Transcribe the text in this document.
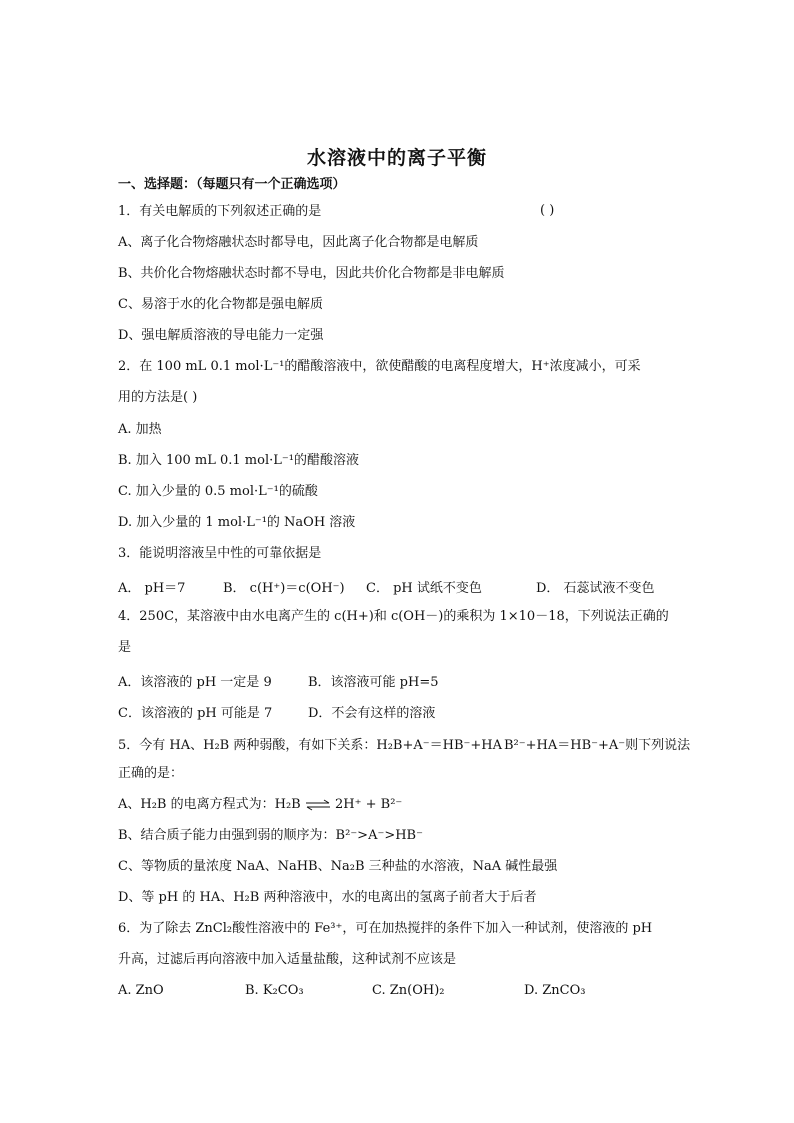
水溶液中的离子平衡
一、选择题：（每题只有一个正确选项）
1．有关电解质的下列叙述正确的是	( )
A、离子化合物熔融状态时都导电，因此离子化合物都是电解质
B、共价化合物熔融状态时都不导电，因此共价化合物都是非电解质
C、易溶于水的化合物都是强电解质
D、强电解质溶液的导电能力一定强
2．在 100 mL 0.1 mol·L⁻¹的醋酸溶液中，欲使醋酸的电离程度增大，H⁺浓度减小，可采
用的方法是( )
A. 加热
B. 加入 100 mL 0.1 mol·L⁻¹的醋酸溶液
C. 加入少量的 0.5 mol·L⁻¹的硫酸
D. 加入少量的 1 mol·L⁻¹的 NaOH 溶液
3．能说明溶液呈中性的可靠依据是
A． pH＝7	B． c(H⁺)＝c(OH⁻) C． pH 试纸不变色	D． 石蕊试液不变色
4．250C，某溶液中由水电离产生的 c(H+)和 c(OH－)的乘积为 1×10－18，下列说法正确的
是
A．该溶液的 pH 一定是 9	B．该溶液可能 pH=5
C．该溶液的 pH 可能是 7	D．不会有这样的溶液
5．今有 HA、H₂B 两种弱酸，有如下关系：H₂B+A⁻＝HB⁻+HA B²⁻+HA＝HB⁻+A⁻则下列说法
正确的是：
A、H₂B 的电离方程式为：H₂B ⇌ 2H⁺ + B²⁻
B、结合质子能力由强到弱的顺序为：B²⁻>A⁻>HB⁻
C、等物质的量浓度 NaA、NaHB、Na₂B 三种盐的水溶液，NaA 碱性最强
D、等 pH 的 HA、H₂B 两种溶液中，水的电离出的氢离子前者大于后者
6．为了除去 ZnCl₂酸性溶液中的 Fe³⁺，可在加热搅拌的条件下加入一种试剂，使溶液的 pH
升高，过滤后再向溶液中加入适量盐酸，这种试剂不应该是
A. ZnO	B. K₂CO₃	C. Zn(OH)₂	D. ZnCO₃
